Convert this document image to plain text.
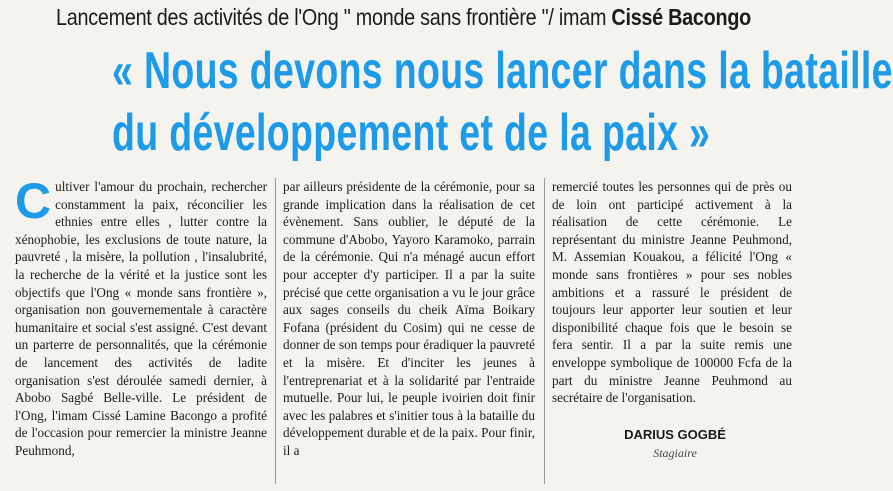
Lancement des activités de l'Ong " monde sans frontière "/ imam Cissé Bacongo
« Nous devons nous lancer dans la bataille
du développement et de la paix »
C ultiver l'amour du prochain, rechercher constamment la paix, réconcilier les ethnies entre elles , lutter contre la xénophobie, les exclusions de toute nature, la pauvreté , la misère, la pollution , l'insalubrité, la recherche de la vérité et la justice sont les objectifs que l'Ong « monde sans frontière », organisation non gouvernementale à caractère humanitaire et social s'est assigné. C'est devant un parterre de personnalités, que la cérémonie de lancement des activités de ladite organisation s'est déroulée samedi dernier, à Abobo Sagbé Belle-ville. Le président de l'Ong, l'imam Cissé Lamine Bacongo a profité de l'occasion pour remercier la ministre Jeanne Peuhmond,

par ailleurs présidente de la cérémonie, pour sa grande implication dans la réalisation de cet évènement. Sans oublier, le député de la commune d'Abobo, Yayoro Karamoko, parrain de la cérémonie. Qui n'a ménagé aucun effort pour accepter d'y participer. Il a par la suite précisé que cette organisation a vu le jour grâce aux sages conseils du cheik Aïma Boikary Fofana (président du Cosim) qui ne cesse de donner de son temps pour éradiquer la pauvreté et la misère. Et d'inciter les jeunes à l'entreprenariat et à la solidarité par l'entraide mutuelle. Pour lui, le peuple ivoirien doit finir avec les palabres et s'initier tous à la bataille du développement durable et de la paix. Pour finir, il a

remercié toutes les personnes qui de près ou de loin ont participé activement à la réalisation de cette cérémonie. Le représentant du ministre Jeanne Peuhmond, M. Assemian Kouakou, a félicité l'Ong « monde sans frontières » pour ses nobles ambitions et a rassuré le président de toujours leur apporter leur soutien et leur disponibilité chaque fois que le besoin se fera sentir. Il a par la suite remis une enveloppe symbolique de 100000 Fcfa de la part du ministre Jeanne Peuhmond au secrétaire de l'organisation.

DARIUS GOGBÉ
Stagiaire
